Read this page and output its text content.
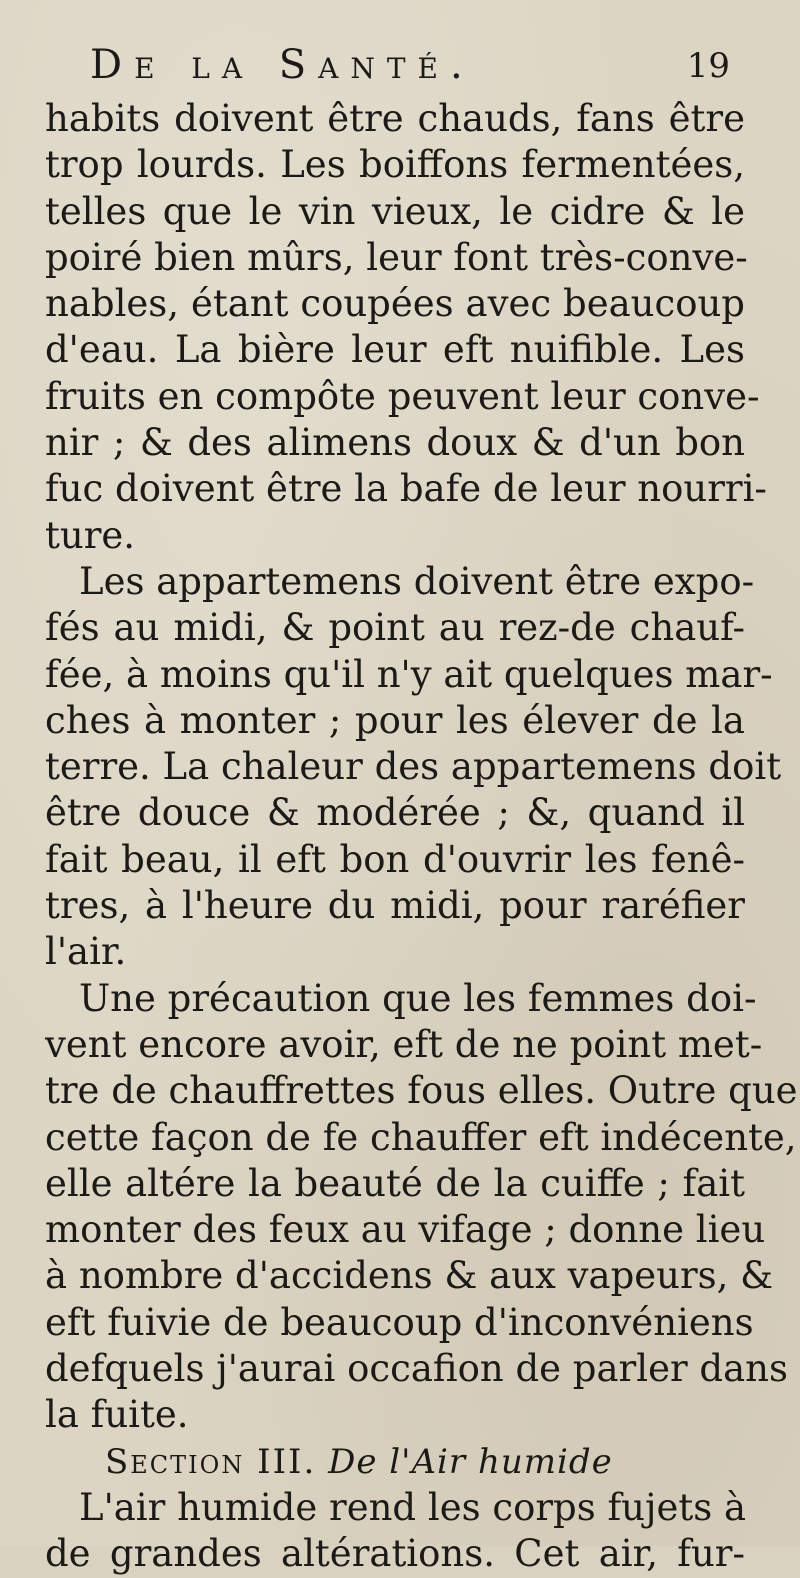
De la Santé.	19
habits doivent être chauds, fans être
trop lourds. Les boiffons fermentées,
telles que le vin vieux, le cidre & le
poiré bien mûrs, leur font très-conve-
nables, étant coupées avec beaucoup
d'eau. La bière leur eft nuifible. Les
fruits en compôte peuvent leur conve-
nir ; & des alimens doux & d'un bon
fuc doivent être la bafe de leur nourri-
ture.
Les appartemens doivent être expo-
fés au midi, & point au rez-de chauf-
fée, à moins qu'il n'y ait quelques mar-
ches à monter ; pour les élever de la
terre. La chaleur des appartemens doit
être douce & modérée ; &, quand il
fait beau, il eft bon d'ouvrir les fenê-
tres, à l'heure du midi, pour raréfier
l'air.
Une précaution que les femmes doi-
vent encore avoir, eft de ne point met-
tre de chauffrettes fous elles. Outre que
cette façon de fe chauffer eft indécente,
elle altére la beauté de la cuiffe ; fait
monter des feux au vifage ; donne lieu
à nombre d'accidens & aux vapeurs, &
eft fuivie de beaucoup d'inconvéniens
defquels j'aurai occafion de parler dans
la fuite.
Section III. De l'Air humide
L'air humide rend les corps fujets à
de grandes altérations. Cet air, fur-
